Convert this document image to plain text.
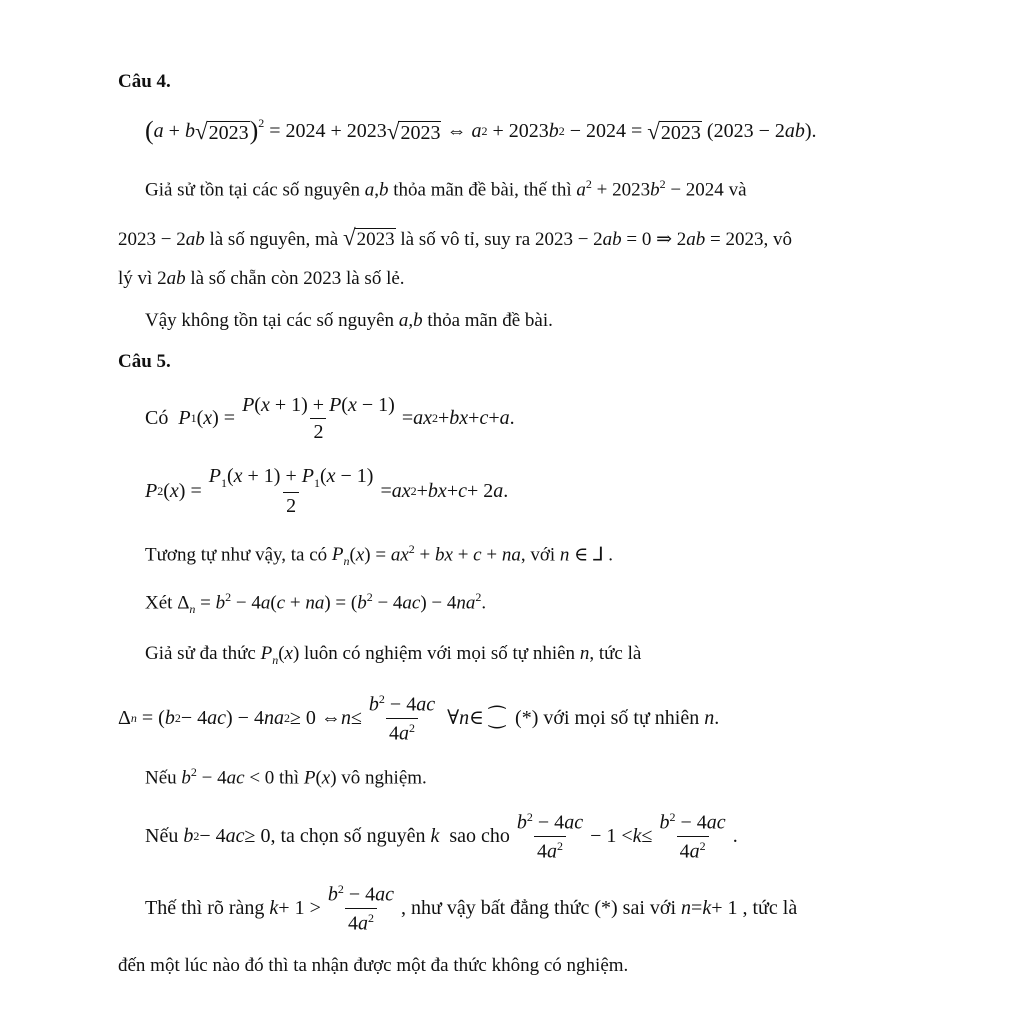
Câu 4.
( a + b √ 2023 )$^2$ = 2024 + 2023 √ 2023 ⇔ a 2 + 2023 b 2 − 2024 = √ 2023 (2023 − 2 ab ).
Giả sử tồn tại các số nguyên a,b thỏa mãn đề bài, thế thì $a^2 + 2023b^2 - 2024$ và
2023 − 2ab là số nguyên, mà √ 2023 là số vô tỉ, suy ra 2023 − 2ab = 0 ⇒ 2ab = 2023, vô
lý vì 2ab là số chẵn còn 2023 là số lẻ.
Vậy không tồn tại các số nguyên a,b thỏa mãn đề bài.
Câu 5.
Có
P 1 ( x ) = $\frac{P(x + 1) + P(x - 1)}{2}$ = ax 2 + bx + c + a .
P 2 ( x ) = $\frac{P_1(x + 1) + P_1(x - 1)}{2}$ = ax 2 + bx + c + 2 a .
Tương tự như vậy, ta có $P_n(x) = ax^2$ + bx + c + na, với n ∈ ⅃ .
Xét $\Delta_n = b^2 - 4a(c + na) = (b^2 - 4ac) - 4na^2$.
Giả sử đa thức $P_n(x)$ luôn có nghiệm với mọi số tự nhiên n, tức là
Δ n = ( b 2 − 4 ac ) − 4 na 2 ≥ 0 ⇔ $n \le \frac{b^2 - 4ac}{4a^2}$ ∀ n ∈ ⁐  (*) với mọi số tự nhiên
n .
Nếu $b^2 - 4ac < 0$ thì P(x) vô nghiệm.
Nếu
b 2 − 4 ac ≥ 0 , ta chọn số nguyên
k
sao cho $\frac{b^2 - 4ac}{4a^2} - 1 < k \le \frac{b^2 - 4ac}{4a^2}$ .
Thế thì rõ ràng
$k + 1 > \frac{b^2 - 4ac}{4a^2}$ , như vậy bất đẳng thức (*) sai với
n = k + 1 , tức là
đến một lúc nào đó thì ta nhận được một đa thức không có nghiệm.
